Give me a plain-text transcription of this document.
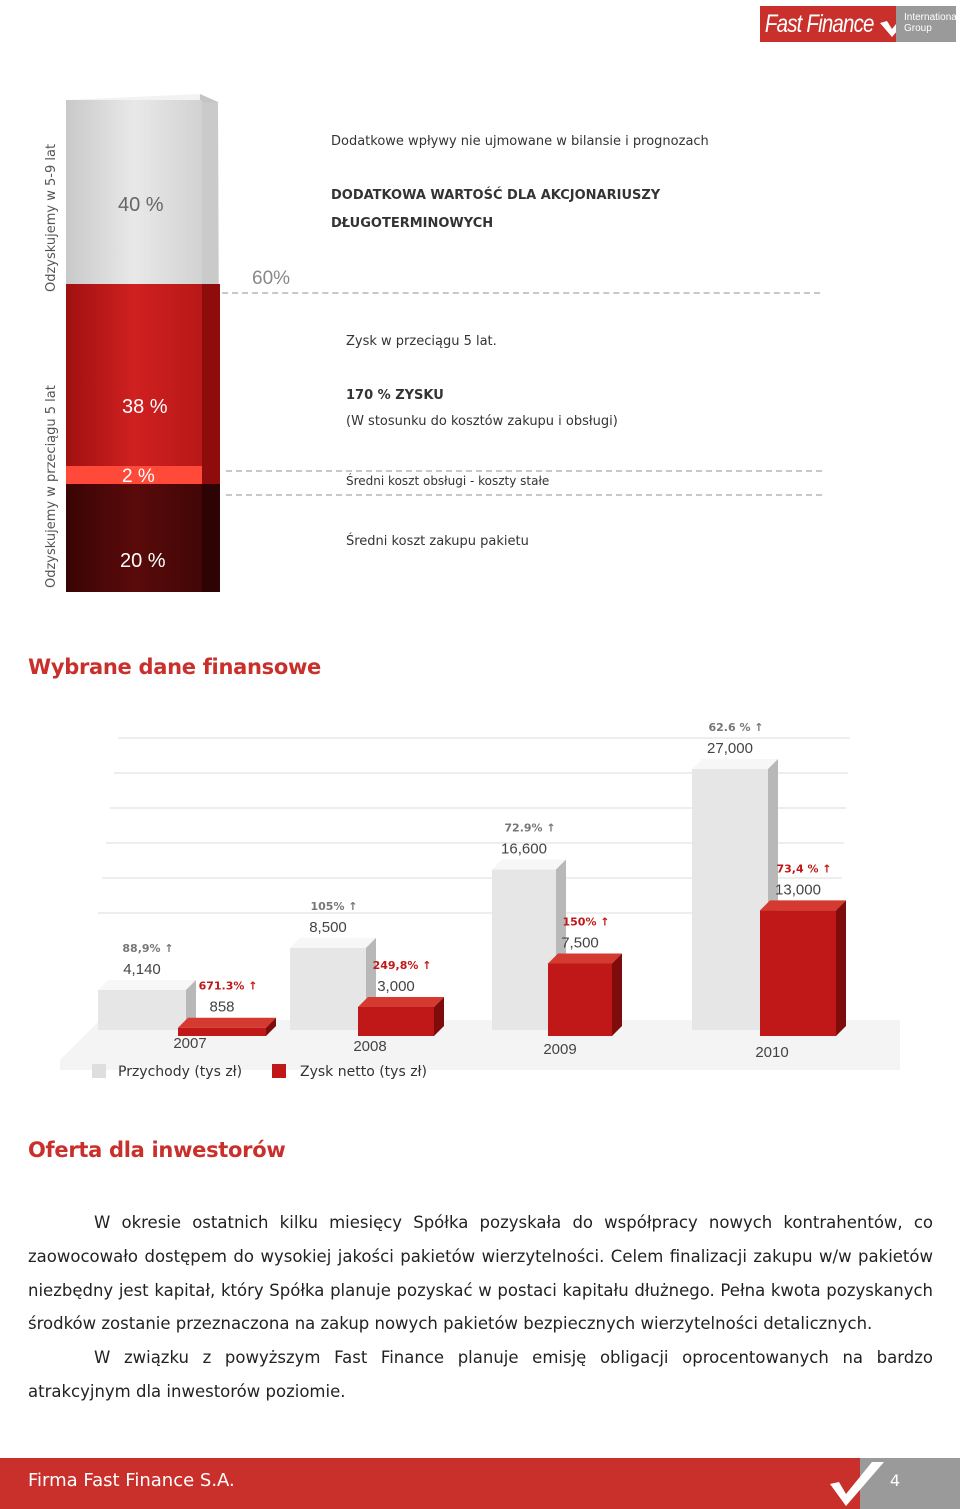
Fast Finance	International
Group
Odzyskujemy w 5-9 lat
Odzyskujemy w przeciągu 5 lat
40 %
38 %
2 %
20 %
60%
Dodatkowe wpływy nie ujmowane w bilansie i prognozach
DODATKOWA WARTOŚĆ DLA AKCJONARIUSZY
DŁUGOTERMINOWYCH
Zysk w przeciągu 5 lat.
170 % ZYSKU
(W stosunku do kosztów zakupu i obsługi)
Średni koszt obsługi - koszty stałe
Średni koszt zakupu pakietu
Wybrane dane finansowe
4,140
88,9% ↑
858
671.3% ↑
2007
8,500
105% ↑
3,000
249,8% ↑
2008
16,600
72.9% ↑
7,500
150% ↑
2009
27,000
62.6 % ↑
13,000
73,4 % ↑
2010
Przychody (tys zł)	Zysk netto (tys zł)
Oferta dla inwestorów

W okresie ostatnich kilku miesięcy Spółka pozyskała do współpracy nowych kontrahentów, co zaowocowało dostępem do wysokiej jakości pakietów wierzytelności. Celem finalizacji zakupu w/w pakietów niezbędny jest kapitał, który Spółka planuje pozyskać w postaci kapitału dłużnego. Pełna kwota pozyskanych środków zostanie przeznaczona na zakup nowych pakietów bezpiecznych wierzytelności detalicznych.

W związku z powyższym Fast Finance planuje emisję obligacji oprocentowanych na bardzo atrakcyjnym dla inwestorów poziomie.

Firma Fast Finance S.A.	4
